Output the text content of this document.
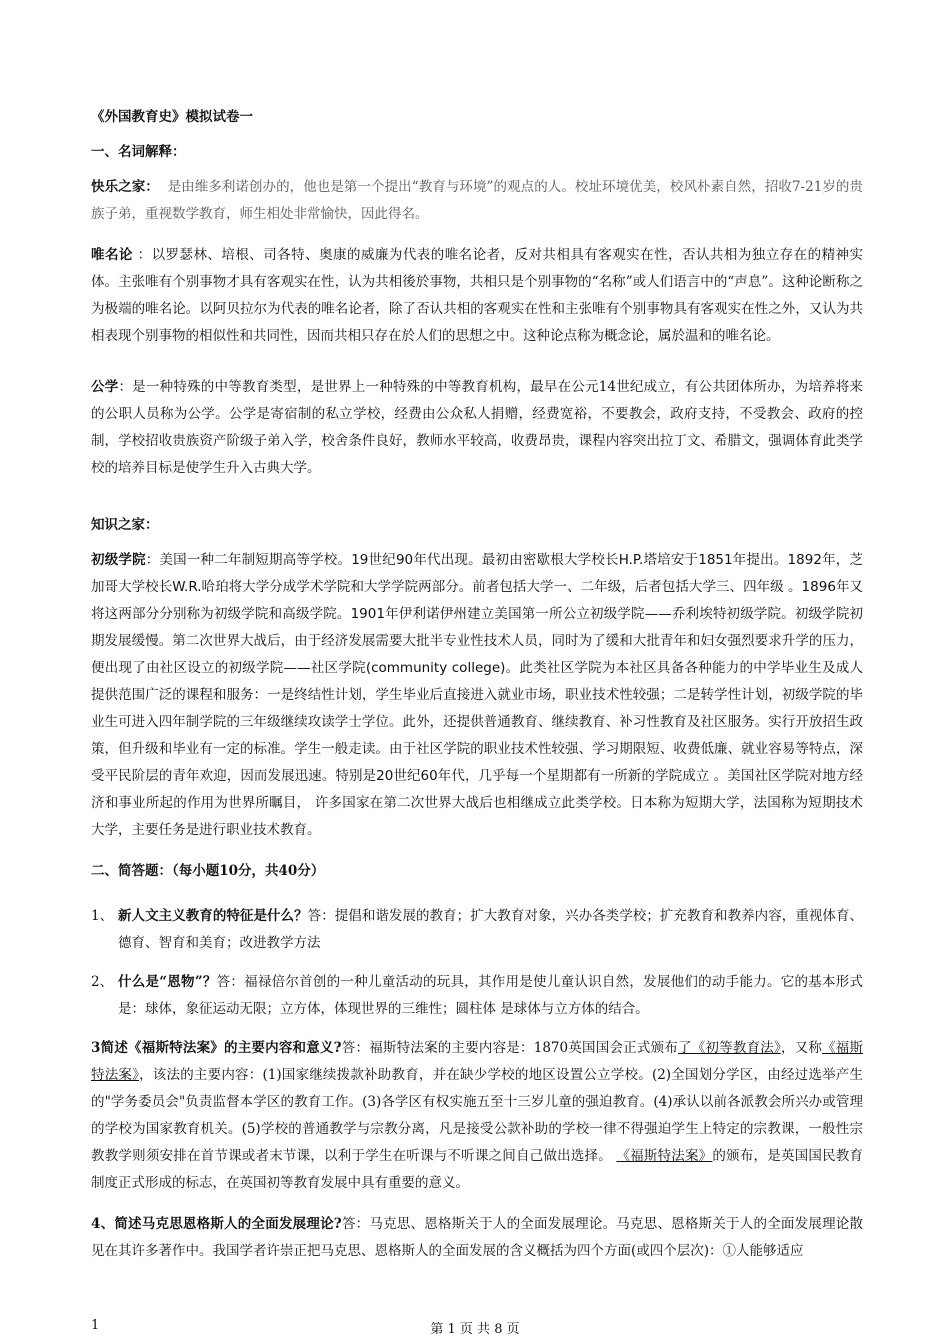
《外国教育史》模拟试卷一

一、名词解释：

快乐之家： 是由维多利诺创办的，他也是第一个提出“教育与环境”的观点的人。校址环境优美，校风朴素自然，招收7-21岁的贵族子弟，重视数学教育，师生相处非常愉快，因此得名。

唯名论 ：以罗瑟林、培根、司各特、奥康的威廉为代表的唯名论者，反对共相具有客观实在性，否认共相为独立存在的精神实体。主张唯有个别事物才具有客观实在性，认为共相後於事物，共相只是个别事物的“名称”或人们语言中的“声息”。这种论断称之为极端的唯名论。以阿贝拉尔为代表的唯名论者，除了否认共相的客观实在性和主张唯有个别事物具有客观实在性之外，又认为共相表现个别事物的相似性和共同性，因而共相只存在於人们的思想之中。这种论点称为概念论，属於温和的唯名论。

公学：是一种特殊的中等教育类型，是世界上一种特殊的中等教育机构，最早在公元14世纪成立，有公共团体所办，为培养将来的公职人员称为公学。公学是寄宿制的私立学校，经费由公众私人捐赠，经费宽裕，不要教会，政府支持，不受教会、政府的控制，学校招收贵族资产阶级子弟入学，校舍条件良好，教师水平较高，收费昂贵，课程内容突出拉丁文、希腊文，强调体育此类学校的培养目标是使学生升入古典大学。

知识之家：

初级学院：美国一种二年制短期高等学校。19世纪90年代出现。最初由密歇根大学校长H.P.塔培安于1851年提出。1892年，芝加哥大学校长W.R.哈珀将大学分成学术学院和大学学院两部分。前者包括大学一、二年级，后者包括大学三、四年级 。1896年又将这两部分分别称为初级学院和高级学院。1901年伊利诺伊州建立美国第一所公立初级学院——乔利埃特初级学院。初级学院初期发展缓慢。第二次世界大战后，由于经济发展需要大批半专业性技术人员，同时为了缓和大批青年和妇女强烈要求升学的压力，便出现了由社区设立的初级学院——社区学院(community college)。此类社区学院为本社区具备各种能力的中学毕业生及成人提供范围广泛的课程和服务：一是终结性计划，学生毕业后直接进入就业市场，职业技术性较强；二是转学性计划，初级学院的毕业生可进入四年制学院的三年级继续攻读学士学位。此外，还提供普通教育、继续教育、补习性教育及社区服务。实行开放招生政策，但升级和毕业有一定的标准。学生一般走读。由于社区学院的职业技术性较强、学习期限短、收费低廉、就业容易等特点，深受平民阶层的青年欢迎，因而发展迅速。特别是20世纪60年代，几乎每一个星期都有一所新的学院成立 。美国社区学院对地方经济和事业所起的作用为世界所瞩目， 许多国家在第二次世界大战后也相继成立此类学校。日本称为短期大学，法国称为短期技术大学，主要任务是进行职业技术教育。

二、简答题：（每小题10分，共40分）

1、 新人文主义教育的特征是什么？答：提倡和谐发展的教育；扩大教育对象，兴办各类学校；扩充教育和教养内容，重视体育、德育、智育和美育；改进教学方法
2、 什么是“恩物”？答：福禄倍尔首创的一种儿童活动的玩具，其作用是使儿童认识自然，发展他们的动手能力。它的基本形式是：球体，象征运动无限；立方体，体现世界的三维性；圆柱体 是球体与立方体的结合。

3简述《福斯特法案》的主要内容和意义?答：福斯特法案的主要内容是：1870英国国会正式颁布了《初等教育法》，又称《福斯特法案》，该法的主要内容：(1)国家继续拨款补助教育，并在缺少学校的地区设置公立学校。(2)全国划分学区，由经过选举产生的"学务委员会"负责监督本学区的教育工作。(3)各学区有权实施五至十三岁儿童的强迫教育。(4)承认以前各派教会所兴办或管理的学校为国家教育机关。(5)学校的普通教学与宗教分离，凡是接受公款补助的学校一律不得强迫学生上特定的宗教课，一般性宗教教学则须安排在首节课或者末节课，以利于学生在听课与不听课之间自己做出选择。 《福斯特法案》的颁布，是英国国民教育制度正式形成的标志，在英国初等教育发展中具有重要的意义。

4、简述马克思恩格斯人的全面发展理论?答：马克思、恩格斯关于人的全面发展理论。马克思、恩格斯关于人的全面发展理论散见在其许多著作中。我国学者许崇正把马克思、恩格斯人的全面发展的含义概括为四个方面(或四个层次)：①人能够适应

1	第 1 页 共 8 页
